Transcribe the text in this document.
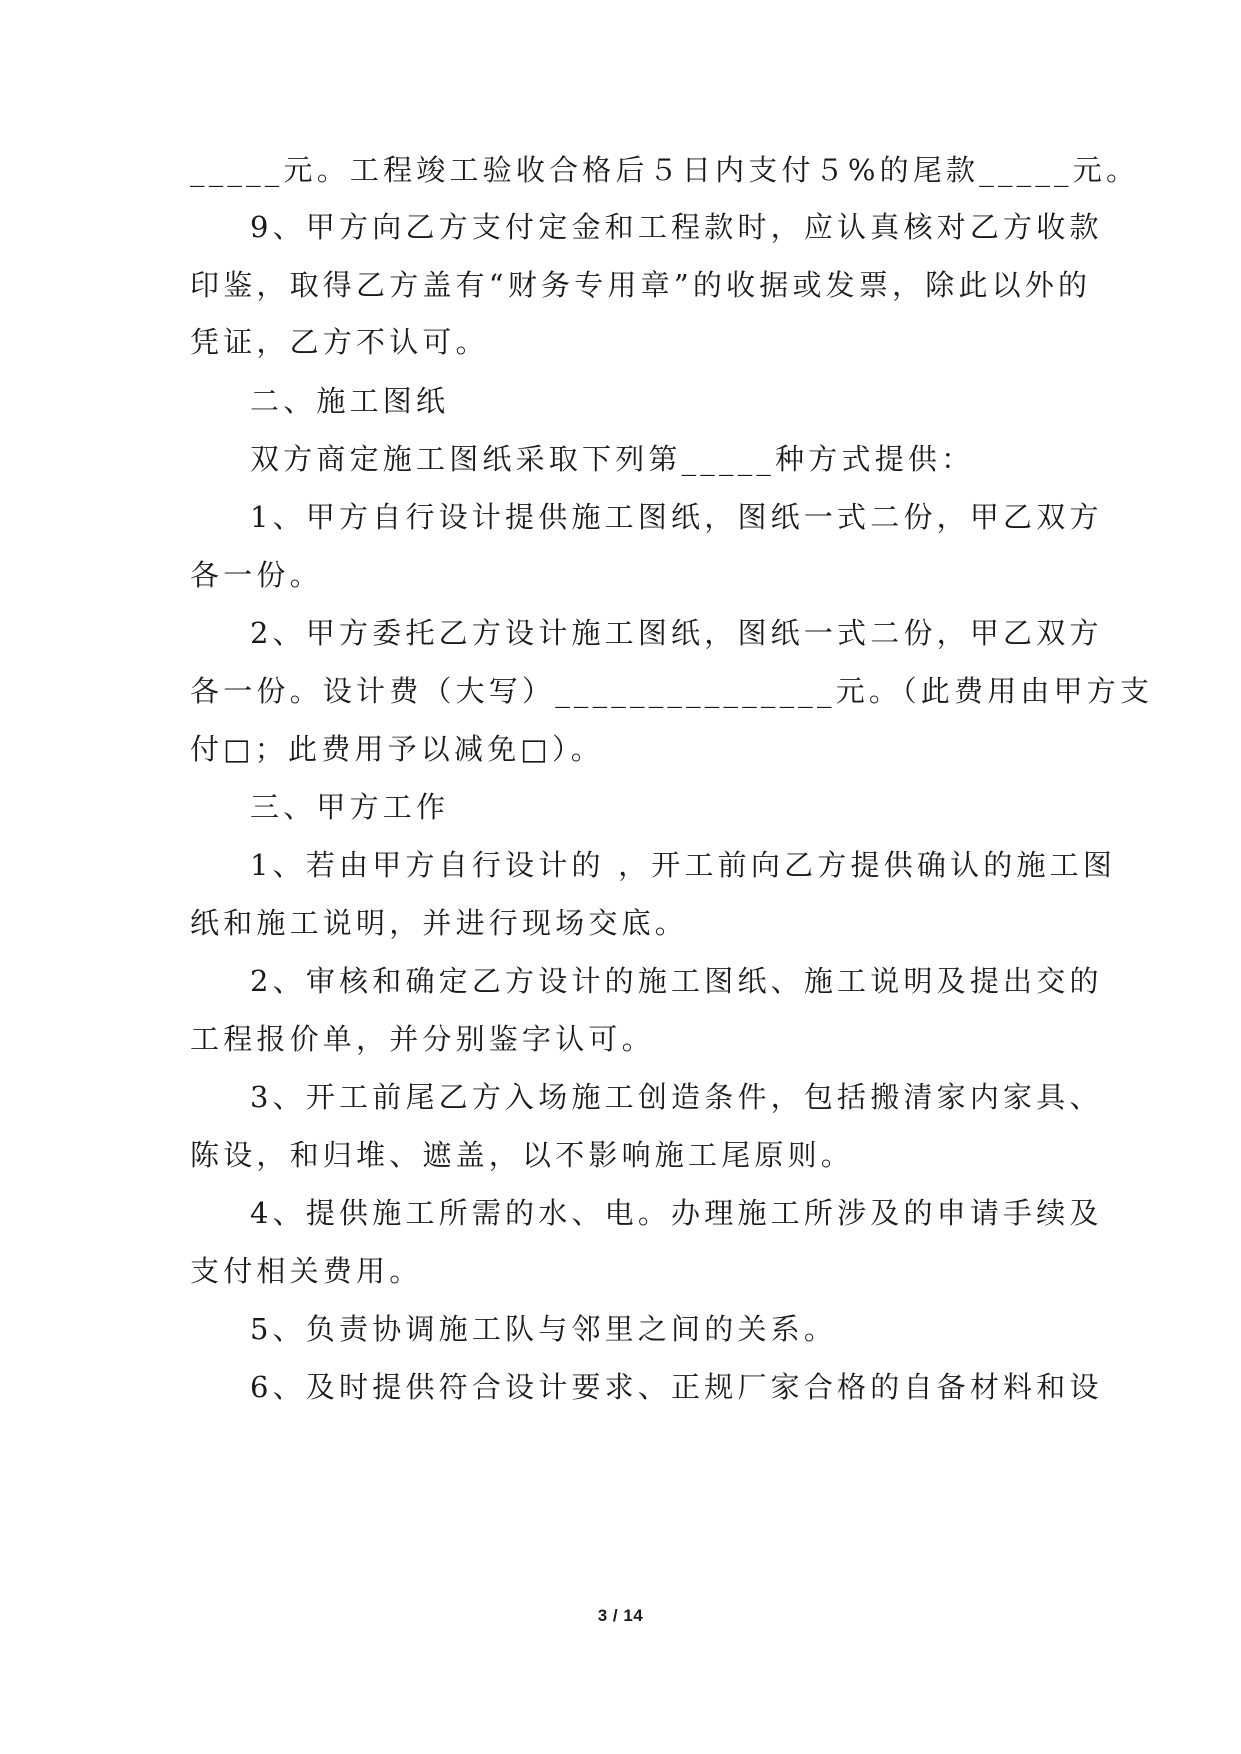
_____元。工程竣工验收合格后５日内支付５%的尾款_____元。
9、甲方向乙方支付定金和工程款时，应认真核对乙方收款
印鉴，取得乙方盖有“财务专用章”的收据或发票，除此以外的
凭证，乙方不认可。
二、施工图纸
双方商定施工图纸采取下列第_____种方式提供：
1、甲方自行设计提供施工图纸，图纸一式二份，甲乙双方
各一份。
2、甲方委托乙方设计施工图纸，图纸一式二份，甲乙双方
各一份。设计费（大写）_______________元。（此费用由甲方支
付□；此费用予以减免□）。
三、甲方工作
1、若由甲方自行设计的 ，开工前向乙方提供确认的施工图
纸和施工说明，并进行现场交底。
2、审核和确定乙方设计的施工图纸、施工说明及提出交的
工程报价单，并分别鉴字认可。
3、开工前尾乙方入场施工创造条件，包括搬清家内家具、
陈设，和归堆、遮盖，以不影响施工尾原则。
4、提供施工所需的水、电。办理施工所涉及的申请手续及
支付相关费用。
5、负责协调施工队与邻里之间的关系。
6、及时提供符合设计要求、正规厂家合格的自备材料和设
3 / 14
